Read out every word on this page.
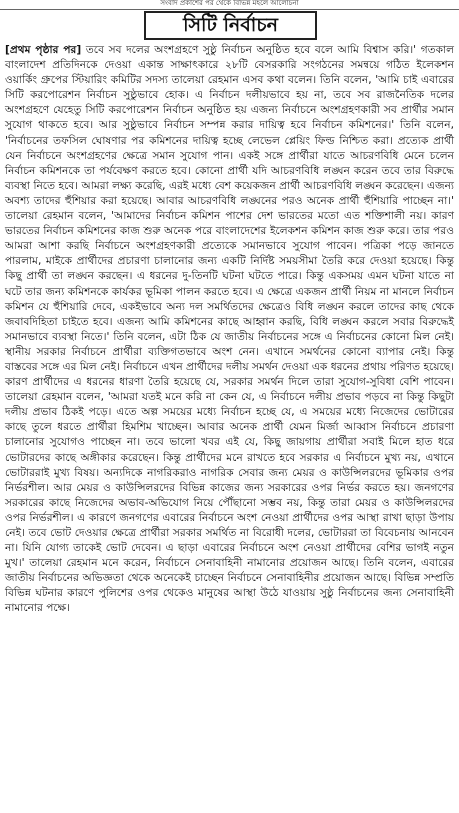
সংবাদ প্রকাশের পর থেকে বিভিন্ন মহলে আলোচনা
সিটি নির্বাচন

[প্রথম পৃষ্ঠার পর] তবে সব দলের অংশগ্রহণে সুষ্ঠু নির্বাচন অনুষ্ঠিত হবে বলে আমি বিশ্বাস করি।' গতকাল বাংলাদেশ প্রতিদিনকে দেওয়া একান্ত সাক্ষাৎকারে ২৮টি বেসরকারি সংগঠনের সমন্বয়ে গঠিত ইলেকশন ওয়ার্কিং গ্রুপের স্টিয়ারিং কমিটির সদস্য তালেয়া রেহমান এসব কথা বলেন। তিনি বলেন, 'আমি চাই এবারের সিটি করপোরেশন নির্বাচন সুষ্ঠুভাবে হোক। এ নির্বাচন দলীয়ভাবে হয় না, তবে সব রাজনৈতিক দলের অংশগ্রহণে যেহেতু সিটি করপোরেশন নির্বাচন অনুষ্ঠিত হয় এজন্য নির্বাচনে অংশগ্রহণকারী সব প্রার্থীর সমান সুযোগ থাকতে হবে। আর সুষ্ঠুভাবে নির্বাচন সম্পন্ন করার দায়িত্ব হবে নির্বাচন কমিশনের।' তিনি বলেন, 'নির্বাচনের তফসিল ঘোষণার পর কমিশনের দায়িত্ব হচ্ছে লেভেল প্লেয়িং ফিল্ড নিশ্চিত করা। প্রত্যেক প্রার্থী যেন নির্বাচনে অংশগ্রহণের ক্ষেত্রে সমান সুযোগ পান। একই সঙ্গে প্রার্থীরা যাতে আচরণবিধি মেনে চলেন নির্বাচন কমিশনকে তা পর্যবেক্ষণ করতে হবে। কোনো প্রার্থী যদি আচরণবিধি লঙ্ঘন করেন তবে তার বিরুদ্ধে ব্যবস্থা নিতে হবে। আমরা লক্ষ্য করেছি, এরই মধ্যে বেশ কয়েকজন প্রার্থী আচরণবিধি লঙ্ঘন করেছেন। এজন্য অবশ্য তাদের হুঁশিয়ার করা হয়েছে। আবার আচরণবিধি লঙ্ঘনের পরও অনেক প্রার্থী হুঁশিয়ারি পাচ্ছেন না।' তালেয়া রেহমান বলেন, 'আমাদের নির্বাচন কমিশন পাশের দেশ ভারতের মতো এত শক্তিশালী নয়। কারণ ভারতের নির্বাচন কমিশনের কাজ শুরু অনেক পরে বাংলাদেশের ইলেকশন কমিশন কাজ শুরু করে। তার পরও আমরা আশা করছি নির্বাচনে অংশগ্রহণকারী প্রত্যেকে সমানভাবে সুযোগ পাবেন। পত্রিকা পড়ে জানতে পারলাম, মাইকে প্রার্থীদের প্রচারণা চালানোর জন্য একটি নির্দিষ্ট সময়সীমা তৈরি করে দেওয়া হয়েছে। কিন্তু কিছু প্রার্থী তা লঙ্ঘন করছেন। এ ধরনের দু-তিনটি ঘটনা ঘটতে পারে। কিন্তু একসময় এমন ঘটনা যাতে না ঘটে তার জন্য কমিশনকে কার্যকর ভূমিকা পালন করতে হবে। এ ক্ষেত্রে একজন প্রার্থী নিয়ম না মানলে নির্বাচন কমিশন যে হুঁশিয়ারি দেবে, একইভাবে অন্য দল সমর্থিতদের ক্ষেত্রেও বিধি লঙ্ঘন করলে তাদের কাছ থেকে জবাবদিহিতা চাইতে হবে। এজন্য আমি কমিশনের কাছে আহ্বান করছি, বিধি লঙ্ঘন করলে সবার বিরুদ্ধেই সমানভাবে ব্যবস্থা নিতে।' তিনি বলেন, এটা ঠিক যে জাতীয় নির্বাচনের সঙ্গে এ নির্বাচনের কোনো মিল নেই। স্থানীয় সরকার নির্বাচনে প্রার্থীরা ব্যক্তিগতভাবে অংশ নেন। এখানে সমর্থনের কোনো ব্যাপার নেই। কিন্তু বাস্তবের সঙ্গে এর মিল নেই। নির্বাচনে এখন প্রার্থীদের দলীয় সমর্থন দেওয়া এক ধরনের প্রথায় পরিণত হয়েছে। কারণ প্রার্থীদের এ ধরনের ধারণা তৈরি হয়েছে যে, সরকার সমর্থন দিলে তারা সুযোগ-সুবিধা বেশি পাবেন। তালেয়া রেহমান বলেন, 'আমরা যতই মনে করি না কেন যে, এ নির্বাচনে দলীয় প্রভাব পড়বে না কিন্তু কিছুটা দলীয় প্রভাব ঠিকই পড়ে। এতে অল্প সময়ের মধ্যে নির্বাচন হচ্ছে যে, এ সময়ের মধ্যে নিজেদের ভোটারের কাছে তুলে ধরতে প্রার্থীরা হিমশিম খাচ্ছেন। আবার অনেক প্রার্থী যেমন মির্জা আব্বাস নির্বাচনে প্রচারণা চালানোর সুযোগও পাচ্ছেন না। তবে ভালো খবর এই যে, কিছু জায়গায় প্রার্থীরা সবাই মিলে হাত ধরে ভোটারদের কাছে অঙ্গীকার করেছেন। কিন্তু প্রার্থীদের মনে রাখতে হবে সরকার এ নির্বাচনে মুখ্য নয়, এখানে ভোটাররাই মুখ্য বিষয়। অন্যদিকে নাগরিকরাও নাগরিক সেবার জন্য মেয়র ও কাউন্সিলরদের ভূমিকার ওপর নির্ভরশীল। আর মেয়র ও কাউন্সিলরদের বিভিন্ন কাজের জন্য সরকারের ওপর নির্ভর করতে হয়। জনগণের সরকারের কাছে নিজেদের অভাব-অভিযোগ নিয়ে পৌঁছানো সম্ভব নয়, কিন্তু তারা মেয়র ও কাউন্সিলরদের ওপর নির্ভরশীল। এ কারণে জনগণের এবারের নির্বাচনে অংশ নেওয়া প্রার্থীদের ওপর আস্থা রাখা ছাড়া উপায় নেই। তবে ভোট দেওয়ার ক্ষেত্রে প্রার্থীরা সরকার সমর্থিত না বিরোধী দলের, ভোটাররা তা বিবেচনায় আনবেন না। যিনি যোগ্য তাকেই ভোট দেবেন। এ ছাড়া এবারের নির্বাচনে অংশ নেওয়া প্রার্থীদের বেশির ভাগই নতুন মুখ।' তালেয়া রেহমান মনে করেন, নির্বাচনে সেনাবাহিনী নামানোর প্রয়োজন আছে। তিনি বলেন, এবারের জাতীয় নির্বাচনের অভিজ্ঞতা থেকে অনেকেই চাচ্ছেন নির্বাচনে সেনাবাহিনীর প্রয়োজন আছে। বিভিন্ন সম্প্রতি বিভিন্ন ঘটনার কারণে পুলিশের ওপর থেকেও মানুষের আস্থা উঠে যাওয়ায় সুষ্ঠু নির্বাচনের জন্য সেনাবাহিনী নামানোর পক্ষে।
